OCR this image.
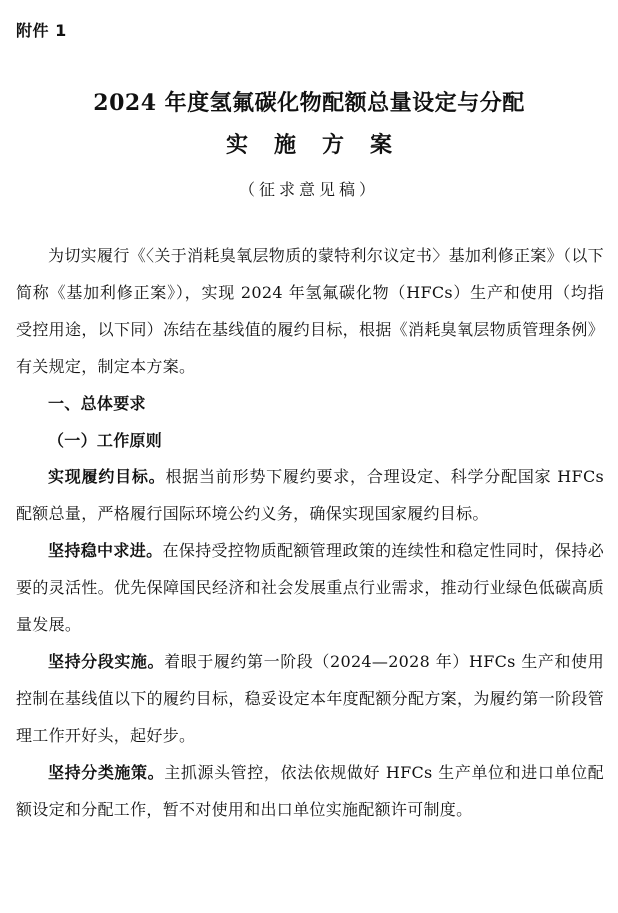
附件 1
2024 年度氢氟碳化物配额总量设定与分配
实施方案
（征求意见稿）

为切实履行《〈关于消耗臭氧层物质的蒙特利尔议定书〉基加利修正案》（以下简称《基加利修正案》），实现 2024 年氢氟碳化物（HFCs）生产和使用（均指受控用途，以下同）冻结在基线值的履约目标，根据《消耗臭氧层物质管理条例》有关规定，制定本方案。

一、总体要求

（一）工作原则

实现履约目标。根据当前形势下履约要求，合理设定、科学分配国家 HFCs 配额总量，严格履行国际环境公约义务，确保实现国家履约目标。

坚持稳中求进。在保持受控物质配额管理政策的连续性和稳定性同时，保持必要的灵活性。优先保障国民经济和社会发展重点行业需求，推动行业绿色低碳高质量发展。

坚持分段实施。着眼于履约第一阶段（2024—2028 年）HFCs 生产和使用控制在基线值以下的履约目标，稳妥设定本年度配额分配方案，为履约第一阶段管理工作开好头，起好步。

坚持分类施策。主抓源头管控，依法依规做好 HFCs 生产单位和进口单位配额设定和分配工作，暂不对使用和出口单位实施配额许可制度。
